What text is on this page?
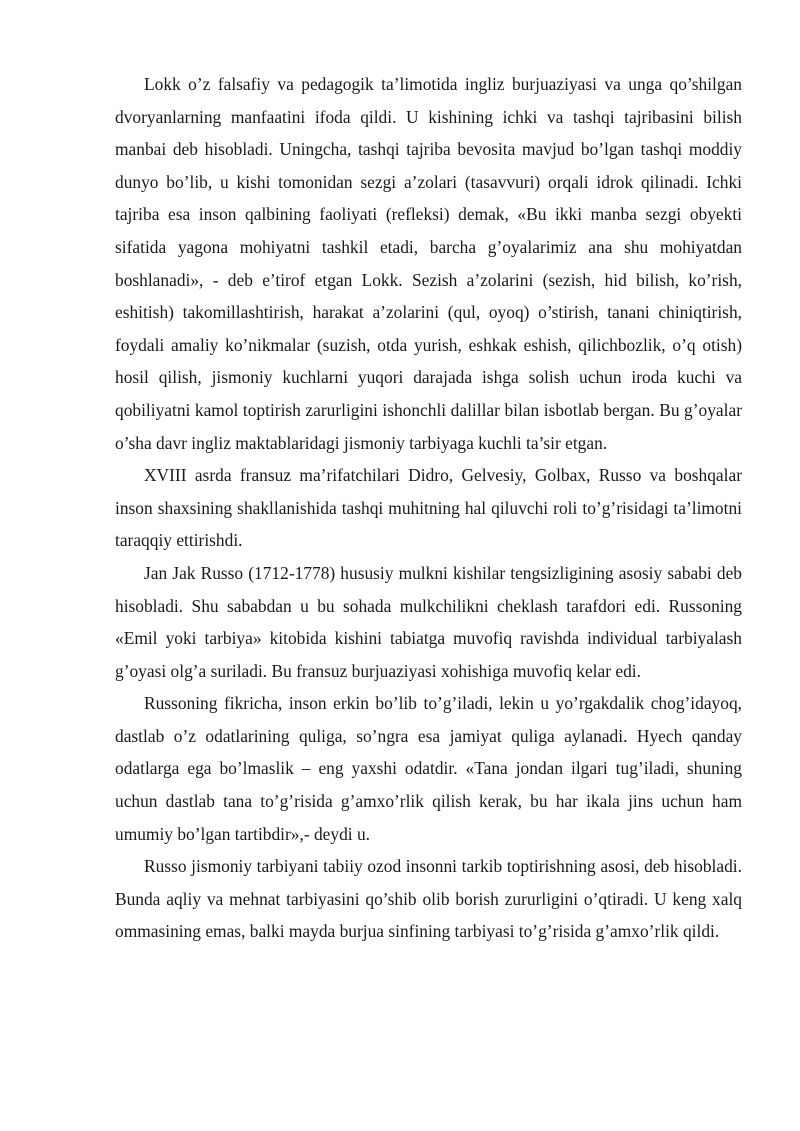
Lokk o’z falsafiy va pedagogik ta’limotida ingliz burjuaziyasi va unga qo’shilgan dvoryanlarning manfaatini ifoda qildi. U kishining ichki va tashqi tajribasini bilish manbai deb hisobladi. Uningcha, tashqi tajriba bevosita mavjud bo’lgan tashqi moddiy dunyo bo’lib, u kishi tomonidan sezgi a’zolari (tasavvuri) orqali idrok qilinadi. Ichki tajriba esa inson qalbining faoliyati (refleksi) demak, «Bu ikki manba sezgi obyekti sifatida yagona mohiyatni tashkil etadi, barcha g’oyalarimiz ana shu mohiyatdan boshlanadi», - deb e’tirof etgan Lokk. Sezish a’zolarini (sezish, hid bilish, ko’rish, eshitish) takomillashtirish, harakat a’zolarini (qul, oyoq) o’stirish, tanani chiniqtirish, foydali amaliy ko’nikmalar (suzish, otda yurish, eshkak eshish, qilichbozlik, o’q otish) hosil qilish, jismoniy kuchlarni yuqori darajada ishga solish uchun iroda kuchi va qobiliyatni kamol toptirish zarurligini ishonchli dalillar bilan isbotlab bergan. Bu g’oyalar o’sha davr ingliz maktablaridagi jismoniy tarbiyaga kuchli ta’sir etgan.

XVIII asrda fransuz ma’rifatchilari Didro, Gelvesiy, Golbax, Russo va boshqalar inson shaxsining shakllanishida tashqi muhitning hal qiluvchi roli to’g’risidagi ta’limotni taraqqiy ettirishdi.

Jan Jak Russo (1712-1778) hususiy mulkni kishilar tengsizligining asosiy sababi deb hisobladi. Shu sababdan u bu sohada mulkchilikni cheklash tarafdori edi. Russoning «Emil yoki tarbiya» kitobida kishini tabiatga muvofiq ravishda individual tarbiyalash g’oyasi olg’a suriladi. Bu fransuz burjuaziyasi xohishiga muvofiq kelar edi.

Russoning fikricha, inson erkin bo’lib to’g’iladi, lekin u yo’rgakdalik chog’idayoq, dastlab o’z odatlarining quliga, so’ngra esa jamiyat quliga aylanadi. Hyech qanday odatlarga ega bo’lmaslik – eng yaxshi odatdir. «Tana jondan ilgari tug’iladi, shuning uchun dastlab tana to’g’risida g’amxo’rlik qilish kerak, bu har ikala jins uchun ham umumiy bo’lgan tartibdir»,- deydi u.

Russo jismoniy tarbiyani tabiiy ozod insonni tarkib toptirishning asosi, deb hisobladi. Bunda aqliy va mehnat tarbiyasini qo’shib olib borish zururligini o’qtiradi. U keng xalq ommasining emas, balki mayda burjua sinfining tarbiyasi to’g’risida g’amxo’rlik qildi.
